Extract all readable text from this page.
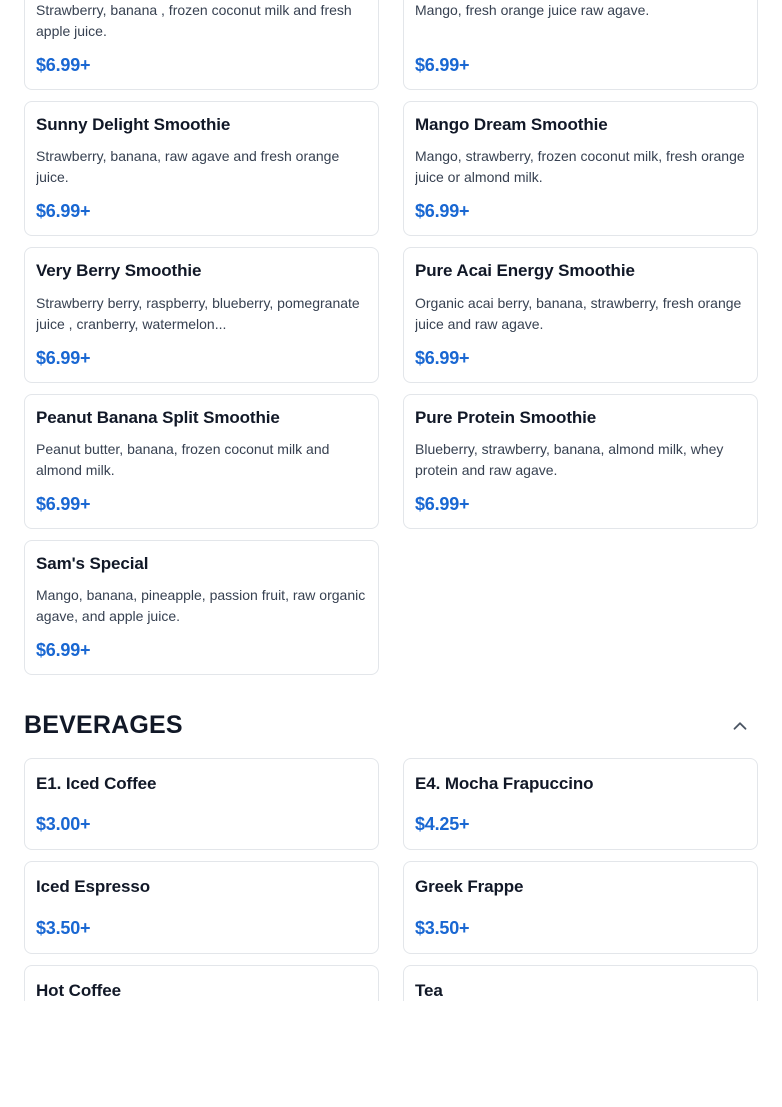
Strawberry, banana , frozen coconut milk and fresh apple juice.
$6.99+
Mango, fresh orange juice raw agave.
$6.99+
Sunny Delight Smoothie
Strawberry, banana, raw agave and fresh orange juice.
$6.99+
Mango Dream Smoothie
Mango, strawberry, frozen coconut milk, fresh orange juice or almond milk.
$6.99+
Very Berry Smoothie
Strawberry berry, raspberry, blueberry, pomegranate juice , cranberry, watermelon...
$6.99+
Pure Acai Energy Smoothie
Organic acai berry, banana, strawberry, fresh orange juice and raw agave.
$6.99+
Peanut Banana Split Smoothie
Peanut butter, banana, frozen coconut milk and almond milk.
$6.99+
Pure Protein Smoothie
Blueberry, strawberry, banana, almond milk, whey protein and raw agave.
$6.99+
Sam's Special
Mango, banana, pineapple, passion fruit, raw organic agave, and apple juice.
$6.99+
BEVERAGES
E1. Iced Coffee
$3.00+
E4. Mocha Frapuccino
$4.25+
Iced Espresso
$3.50+
Greek Frappe
$3.50+
Hot Coffee	Tea
